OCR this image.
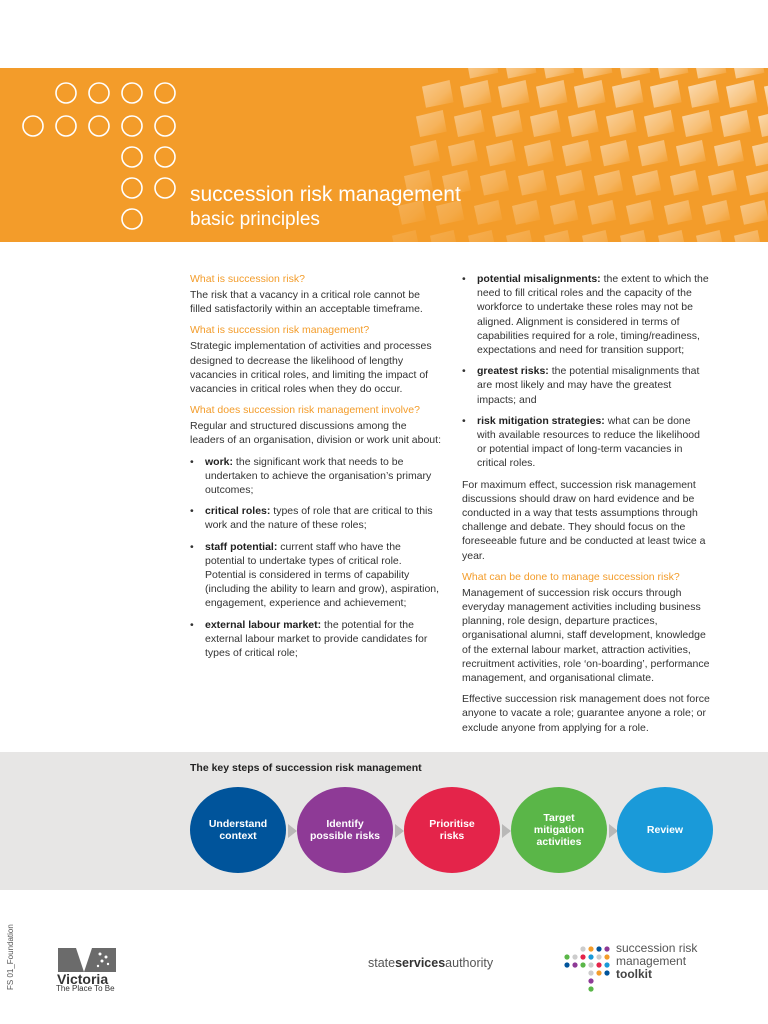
succession risk management
basic principles
What is succession risk?
The risk that a vacancy in a critical role cannot be filled satisfactorily within an acceptable timeframe.
What is succession risk management?
Strategic implementation of activities and processes designed to decrease the likelihood of lengthy vacancies in critical roles, and limiting the impact of vacancies in critical roles when they do occur.
What does succession risk management involve?
Regular and structured discussions among the leaders of an organisation, division or work unit about:
• work: the significant work that needs to be undertaken to achieve the organisation’s primary outcomes;
• critical roles: types of role that are critical to this work and the nature of these roles;
• staff potential: current staff who have the potential to undertake types of critical role. Potential is considered in terms of capability (including the ability to learn and grow), aspiration, engagement, experience and achievement;
• external labour market: the potential for the external labour market to provide candidates for types of critical role;
• potential misalignments: the extent to which the need to fill critical roles and the capacity of the workforce to undertake these roles may not be aligned. Alignment is considered in terms of capabilities required for a role, timing/readiness, expectations and need for transition support;
• greatest risks: the potential misalignments that are most likely and may have the greatest impacts; and
• risk mitigation strategies: what can be done with available resources to reduce the likelihood or potential impact of long-term vacancies in critical roles.
For maximum effect, succession risk management discussions should draw on hard evidence and be conducted in a way that tests assumptions through challenge and debate. They should focus on the foreseeable future and be conducted at least twice a year.
What can be done to manage succession risk?
Management of succession risk occurs through everyday management activities including business planning, role design, departure practices, organisational alumni, staff development, knowledge of the external labour market, attraction activities, recruitment activities, role ‘on-boarding’, performance management, and organisational climate.
Effective succession risk management does not force anyone to vacate a role; guarantee anyone a role; or exclude anyone from applying for a role.
The key steps of succession risk management
Understand context
Identify possible risks
Prioritise risks
Target mitigation activities
Review
FS 01_Foundation	Victoria
The Place To Be
stateservicesauthority
succession risk
management
toolkit
